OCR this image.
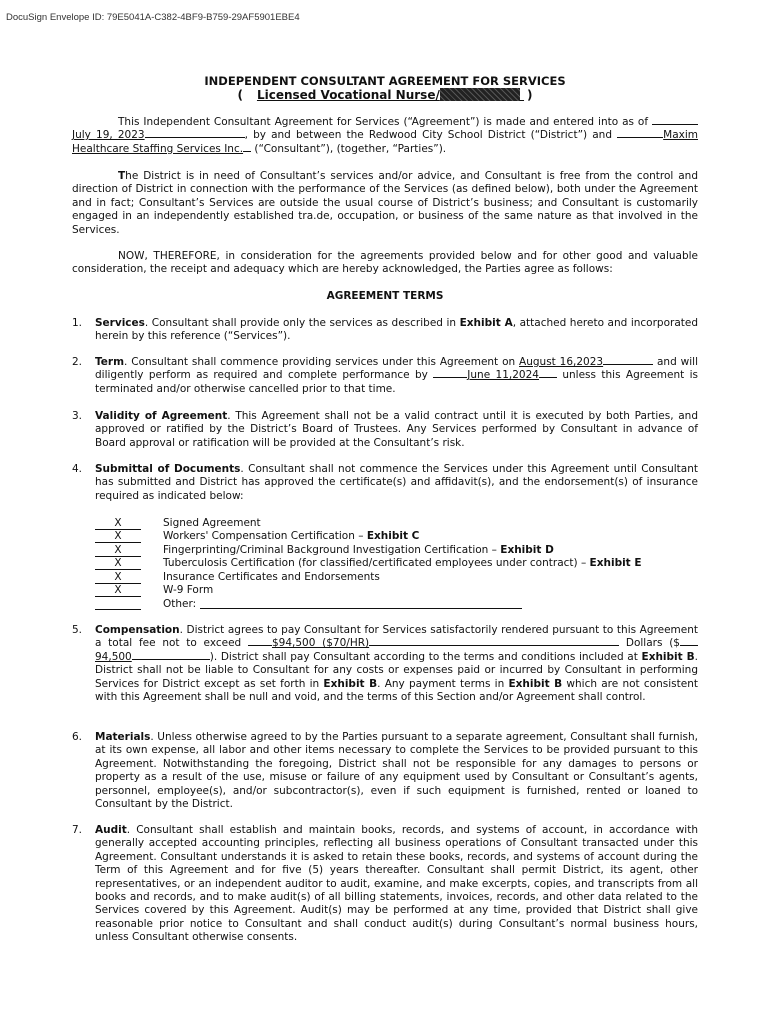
DocuSign Envelope ID: 79E5041A-C382-4BF9-B759-29AF5901EBE4
INDEPENDENT CONSULTANT AGREEMENT FOR SERVICES
( Licensed Vocational Nurse/	)
This Independent Consultant Agreement for Services (“Agreement”) is made and entered into as of July 19, 2023	, by and between the Redwood City School District (“District”) and	Maxim Healthcare Staffing Services Inc. (“Consultant”), (together, “Parties”).
The District is in need of Consultant’s services and/or advice, and Consultant is free from the control and direction of District in connection with the performance of the Services (as defined below), both under the Agreement and in fact; Consultant’s Services are outside the usual course of District’s business; and Consultant is customarily engaged in an independently established tra.de, occupation, or business of the same nature as that involved in the Services.
NOW, THEREFORE, in consideration for the agreements provided below and for other good and valuable consideration, the receipt and adequacy which are hereby acknowledged, the Parties agree as follows:
AGREEMENT TERMS
1. Services. Consultant shall provide only the services as described in Exhibit A, attached hereto and incorporated herein by this reference (“Services”).
2. Term. Consultant shall commence providing services under this Agreement on August 16,2023	and will diligently perform as required and complete performance by	June 11,2024 unless this Agreement is terminated and/or otherwise cancelled prior to that time.
3. Validity of Agreement. This Agreement shall not be a valid contract until it is executed by both Parties, and approved or ratified by the District’s Board of Trustees. Any Services performed by Consultant in advance of Board approval or ratification will be provided at the Consultant’s risk.
4. Submittal of Documents. Consultant shall not commence the Services under this Agreement until Consultant has submitted and District has approved the certificate(s) and affidavit(s), and the endorsement(s) of insurance required as indicated below:
X	Signed Agreement
X	Workers' Compensation Certification – Exhibit C
X	Fingerprinting/Criminal Background Investigation Certification – Exhibit D
X	Tuberculosis Certification (for classified/certificated employees under contract) – Exhibit E
X	Insurance Certificates and Endorsements
X	W-9 Form
Other:
5. Compensation. District agrees to pay Consultant for Services satisfactorily rendered pursuant to this Agreement a total fee not to exceed $94,500 ($70/HR)	Dollars ($94,500	). District shall pay Consultant according to the terms and conditions included at Exhibit B. District shall not be liable to Consultant for any costs or expenses paid or incurred by Consultant in performing Services for District except as set forth in Exhibit B. Any payment terms in Exhibit B which are not consistent with this Agreement shall be null and void, and the terms of this Section and/or Agreement shall control.
6. Materials. Unless otherwise agreed to by the Parties pursuant to a separate agreement, Consultant shall furnish, at its own expense, all labor and other items necessary to complete the Services to be provided pursuant to this Agreement. Notwithstanding the foregoing, District shall not be responsible for any damages to persons or property as a result of the use, misuse or failure of any equipment used by Consultant or Consultant’s agents, personnel, employee(s), and/or subcontractor(s), even if such equipment is furnished, rented or loaned to Consultant by the District.
7. Audit. Consultant shall establish and maintain books, records, and systems of account, in accordance with generally accepted accounting principles, reflecting all business operations of Consultant transacted under this Agreement. Consultant understands it is asked to retain these books, records, and systems of account during the Term of this Agreement and for five (5) years thereafter. Consultant shall permit District, its agent, other representatives, or an independent auditor to audit, examine, and make excerpts, copies, and transcripts from all books and records, and to make audit(s) of all billing statements, invoices, records, and other data related to the Services covered by this Agreement. Audit(s) may be performed at any time, provided that District shall give reasonable prior notice to Consultant and shall conduct audit(s) during Consultant’s normal business hours, unless Consultant otherwise consents.
